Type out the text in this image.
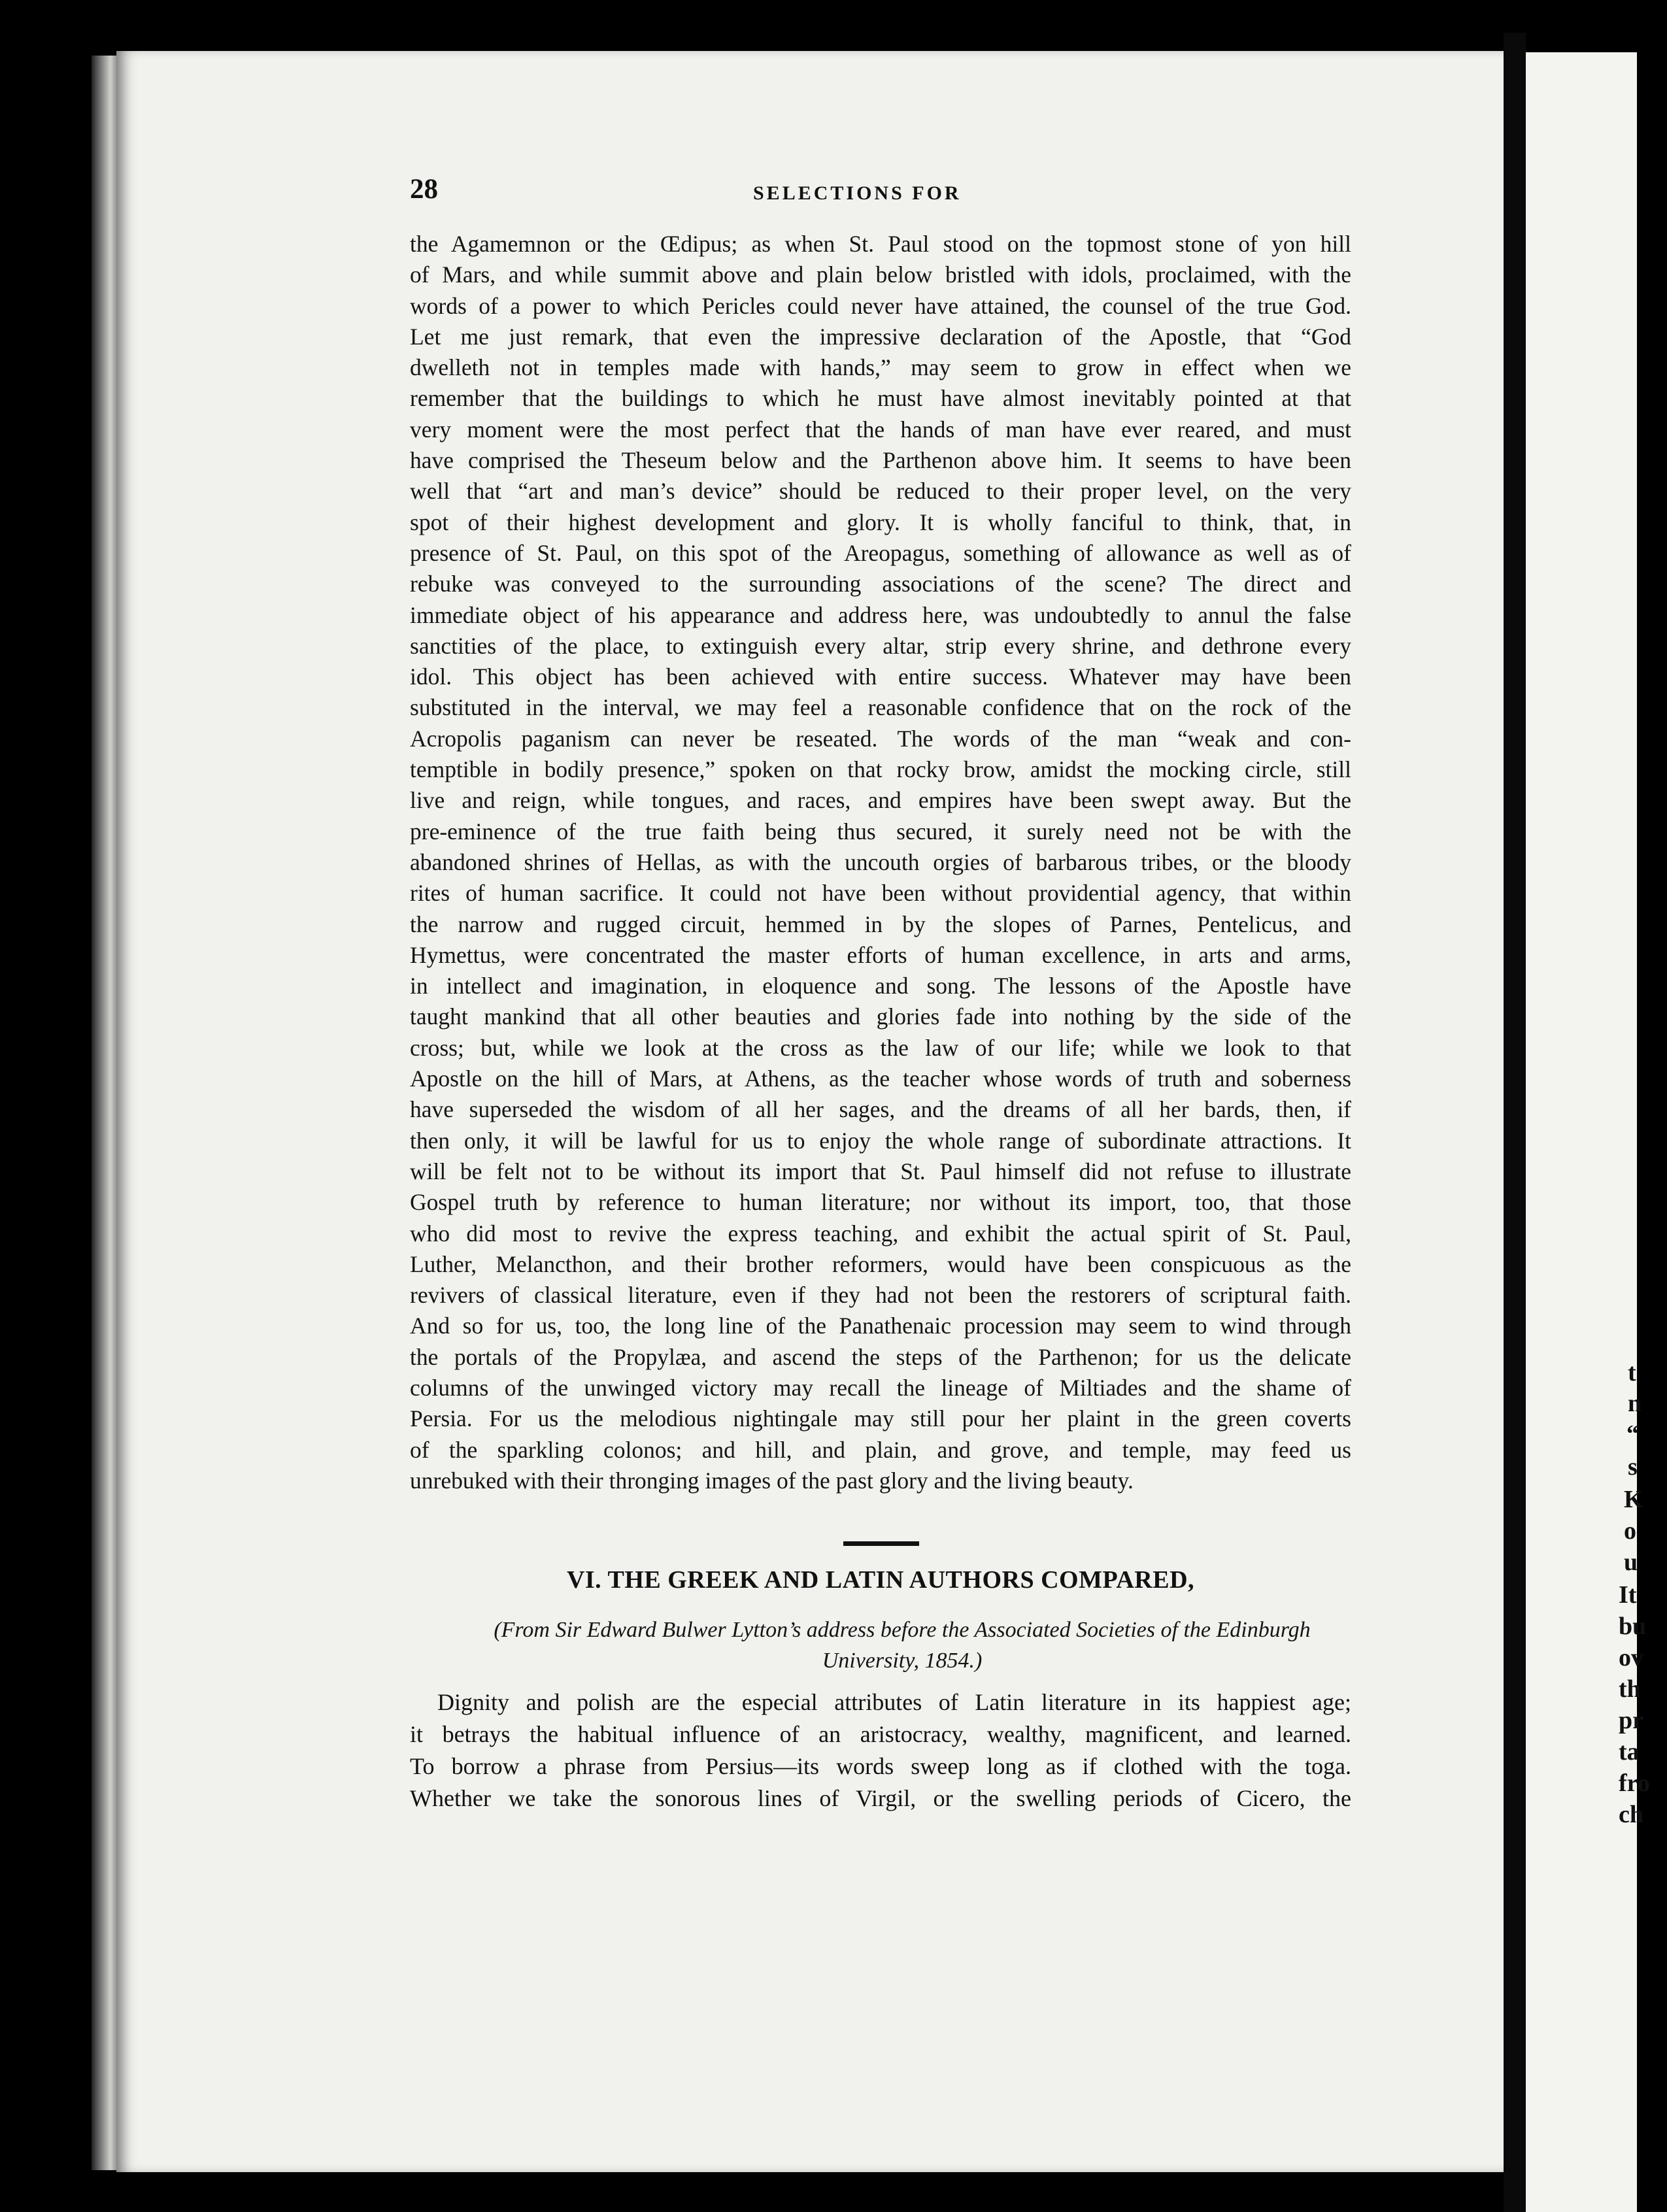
t
n
“
s
K
o
u
It
bu
ov
th
pr
ta
fro
ch
28	SELECTIONS FOR
the Agamemnon or the Œdipus; as when St. Paul stood on the topmost stone of yon hill
of Mars, and while summit above and plain below bristled with idols, proclaimed, with the
words of a power to which Pericles could never have attained, the counsel of the true God.
Let me just remark, that even the impressive declaration of the Apostle, that “God
dwelleth not in temples made with hands,” may seem to grow in effect when we
remember that the buildings to which he must have almost inevitably pointed at that
very moment were the most perfect that the hands of man have ever reared, and must
have comprised the Theseum below and the Parthenon above him. It seems to have been
well that “art and man’s device” should be reduced to their proper level, on the very
spot of their highest development and glory. It is wholly fanciful to think, that, in
presence of St. Paul, on this spot of the Areopagus, something of allowance as well as of
rebuke was conveyed to the surrounding associations of the scene? The direct and
immediate object of his appearance and address here, was undoubtedly to annul the false
sanctities of the place, to extinguish every altar, strip every shrine, and dethrone every
idol. This object has been achieved with entire success. Whatever may have been
substituted in the interval, we may feel a reasonable confidence that on the rock of the
Acropolis paganism can never be reseated. The words of the man “weak and con-
temptible in bodily presence,” spoken on that rocky brow, amidst the mocking circle, still
live and reign, while tongues, and races, and empires have been swept away. But the
pre-eminence of the true faith being thus secured, it surely need not be with the
abandoned shrines of Hellas, as with the uncouth orgies of barbarous tribes, or the bloody
rites of human sacrifice. It could not have been without providential agency, that within
the narrow and rugged circuit, hemmed in by the slopes of Parnes, Pentelicus, and
Hymettus, were concentrated the master efforts of human excellence, in arts and arms,
in intellect and imagination, in eloquence and song. The lessons of the Apostle have
taught mankind that all other beauties and glories fade into nothing by the side of the
cross; but, while we look at the cross as the law of our life; while we look to that
Apostle on the hill of Mars, at Athens, as the teacher whose words of truth and soberness
have superseded the wisdom of all her sages, and the dreams of all her bards, then, if
then only, it will be lawful for us to enjoy the whole range of subordinate attractions. It
will be felt not to be without its import that St. Paul himself did not refuse to illustrate
Gospel truth by reference to human literature; nor without its import, too, that those
who did most to revive the express teaching, and exhibit the actual spirit of St. Paul,
Luther, Melancthon, and their brother reformers, would have been conspicuous as the
revivers of classical literature, even if they had not been the restorers of scriptural faith.
And so for us, too, the long line of the Panathenaic procession may seem to wind through
the portals of the Propylæa, and ascend the steps of the Parthenon; for us the delicate
columns of the unwinged victory may recall the lineage of Miltiades and the shame of
Persia. For us the melodious nightingale may still pour her plaint in the green coverts
of the sparkling colonos; and hill, and plain, and grove, and temple, may feed us
unrebuked with their thronging images of the past glory and the living beauty.
VI. THE GREEK AND LATIN AUTHORS COMPARED,
(From Sir Edward Bulwer Lytton’s address before the Associated Societies of the Edinburgh
University, 1854.)
Dignity and polish are the especial attributes of Latin literature in its happiest age;
it betrays the habitual influence of an aristocracy, wealthy, magnificent, and learned.
To borrow a phrase from Persius—its words sweep long as if clothed with the toga.
Whether we take the sonorous lines of Virgil, or the swelling periods of Cicero, the
